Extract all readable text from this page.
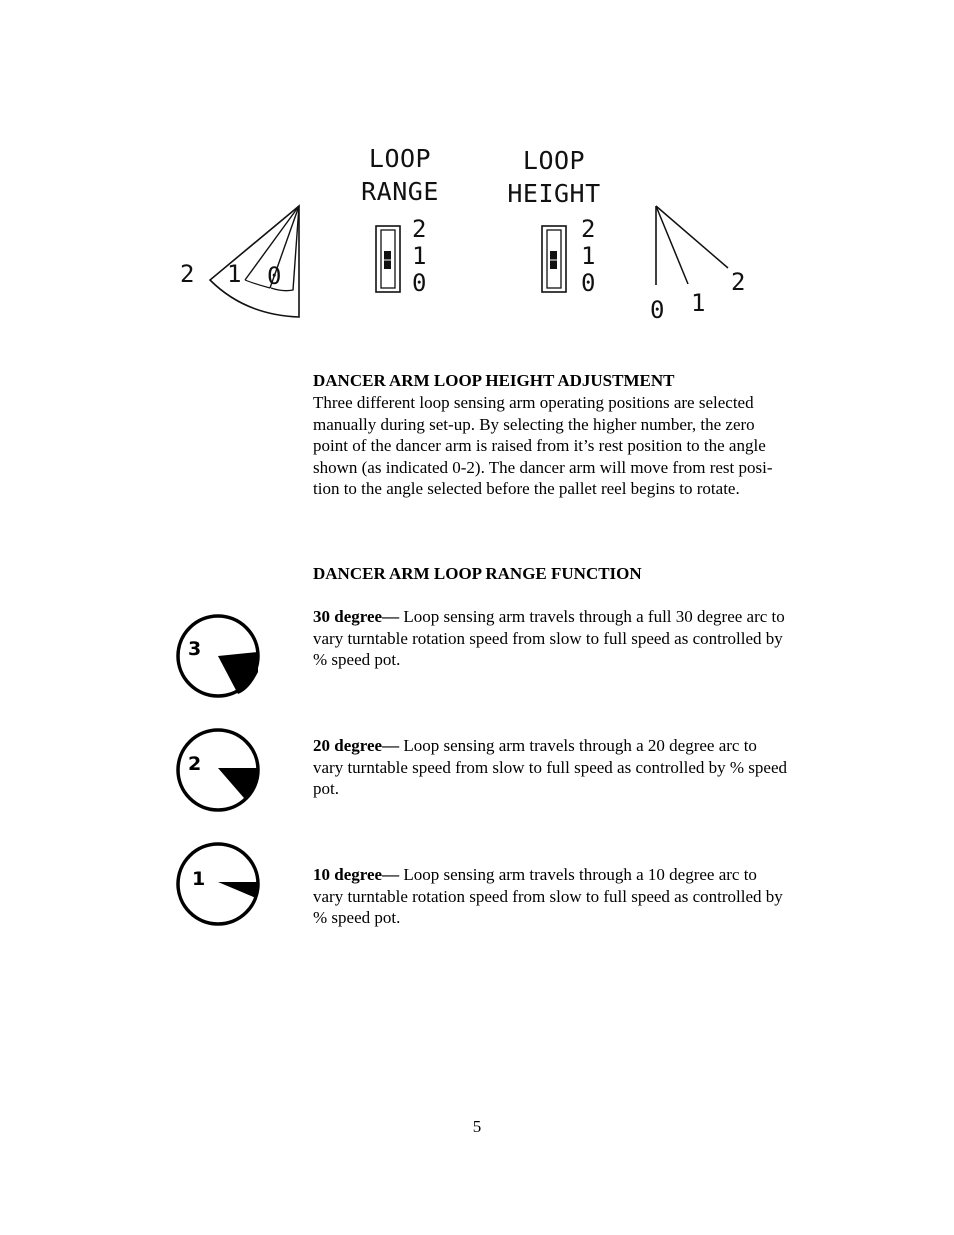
2 1 0
LOOP
RANGE
2
1
0
LOOP
HEIGHT
2
1
0
0 1
2
DANCER ARM LOOP HEIGHT ADJUSTMENT
Three different loop sensing arm operating positions are selected
manually during set-up. By selecting the higher number, the zero
point of the dancer arm is raised from it’s rest position to the angle
shown (as indicated 0-2). The dancer arm will move from rest posi-
tion to the angle selected before the pallet reel begins to rotate.
DANCER ARM LOOP RANGE FUNCTION
3
30 degree— Loop sensing arm travels through a full 30 degree arc to
vary turntable rotation speed from slow to full speed as controlled by
% speed pot.
2
20 degree— Loop sensing arm travels through a 20 degree arc to
vary turntable speed from slow to full speed as controlled by % speed
pot.
1	10 degree— Loop sensing arm travels through a 10 degree arc to
vary turntable rotation speed from slow to full speed as controlled by
% speed pot.
5
